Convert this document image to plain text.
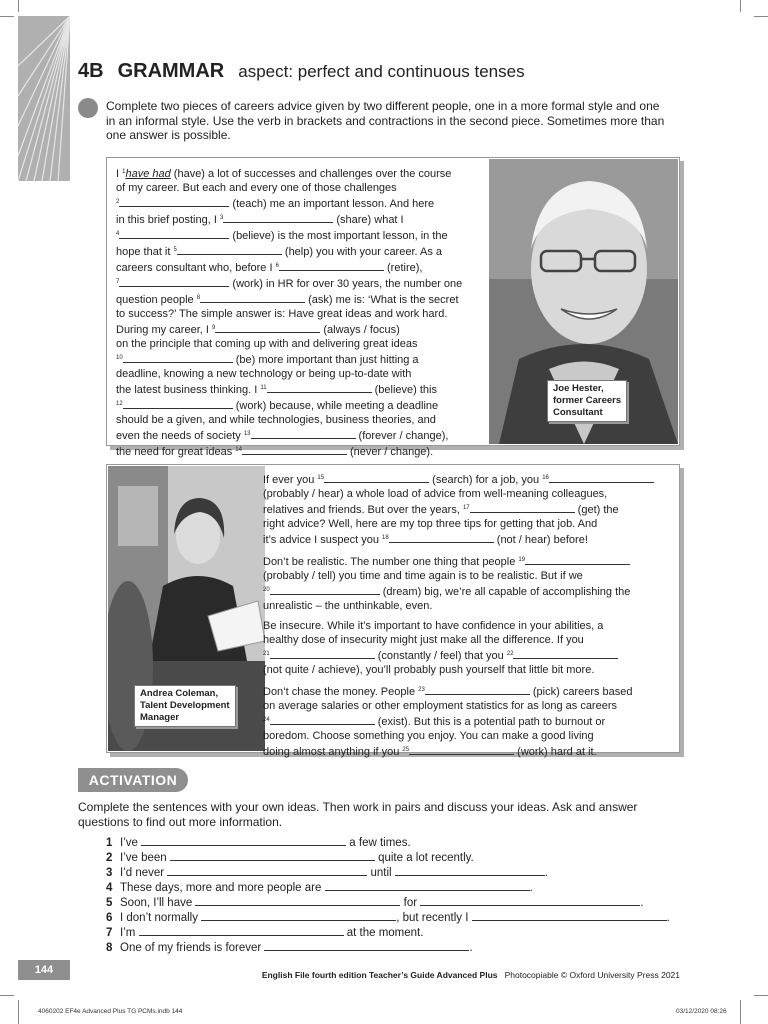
4B GRAMMAR aspect: perfect and continuous tenses
Complete two pieces of careers advice given by two different people, one in a more formal style and one in an informal style. Use the verb in brackets and contractions in the second piece. Sometimes more than one answer is possible.

I $^1$have had (have) a lot of successes and challenges over the course

of my career. But each and every one of those challenges

$^2$	(teach) me an important lesson. And here

in this brief posting, I $^3$	(share) what I

$^4$	(believe) is the most important lesson, in the

hope that it $^5$	(help) you with your career. As a

careers consultant who, before I $^6$	(retire),

$^7$	(work) in HR for over 30 years, the number one

question people $^8$	(ask) me is: ‘What is the secret

to success?’ The simple answer is: Have great ideas and work hard.

During my career, I $^9$	(always / focus)

on the principle that coming up with and delivering great ideas

$^{10}$	(be) more important than just hitting a

deadline, knowing a new technology or being up-to-date with

the latest business thinking. I $^{11}$	(believe) this

$^{12}$	(work) because, while meeting a deadline

should be a given, and while technologies, business theories, and

even the needs of society $^{13}$	(forever / change),

the need for great ideas $^{14}$	(never / change).

Joe Hester,
former Careers
Consultant
Andrea Coleman,
Talent Development
Manager

If ever you $^{15}$	(search) for a job, you $^{16}$

(probably / hear) a whole load of advice from well-meaning colleagues,

relatives and friends. But over the years, $^{17}$	(get) the

right advice? Well, here are my top three tips for getting that job. And

it’s advice I suspect you $^{18}$	(not / hear) before!

Don’t be realistic. The number one thing that people $^{19}$

(probably / tell) you time and time again is to be realistic. But if we

$^{20}$	(dream) big, we’re all capable of accomplishing the

unrealistic – the unthinkable, even.

Be insecure. While it’s important to have confidence in your abilities, a

healthy dose of insecurity might just make all the difference. If you

$^{21}$	(constantly / feel) that you $^{22}$

(not quite / achieve), you’ll probably push yourself that little bit more.

Don’t chase the money. People $^{23}$	(pick) careers based

on average salaries or other employment statistics for as long as careers

$^{24}$	(exist). But this is a potential path to burnout or

boredom. Choose something you enjoy. You can make a good living

doing almost anything if you $^{25}$	(work) hard at it.

ACTIVATION
Complete the sentences with your own ideas. Then work in pairs and discuss your ideas. Ask and answer questions to find out more information.
1 I’ve	a few times.
2 I’ve been	quite a lot recently.
3 I’d never	until	.
4 These days, more and more people are	.
5 Soon, I’ll have	for	.
6 I don’t normally	, but recently I	.
7 I’m	at the moment.
8 One of my friends is forever	.
144	English File fourth edition Teacher’s Guide Advanced Plus Photocopiable © Oxford University Press 2021
4060202 EF4e Advanced Plus TG PCMs.indb 144	03/12/2020 08:26
